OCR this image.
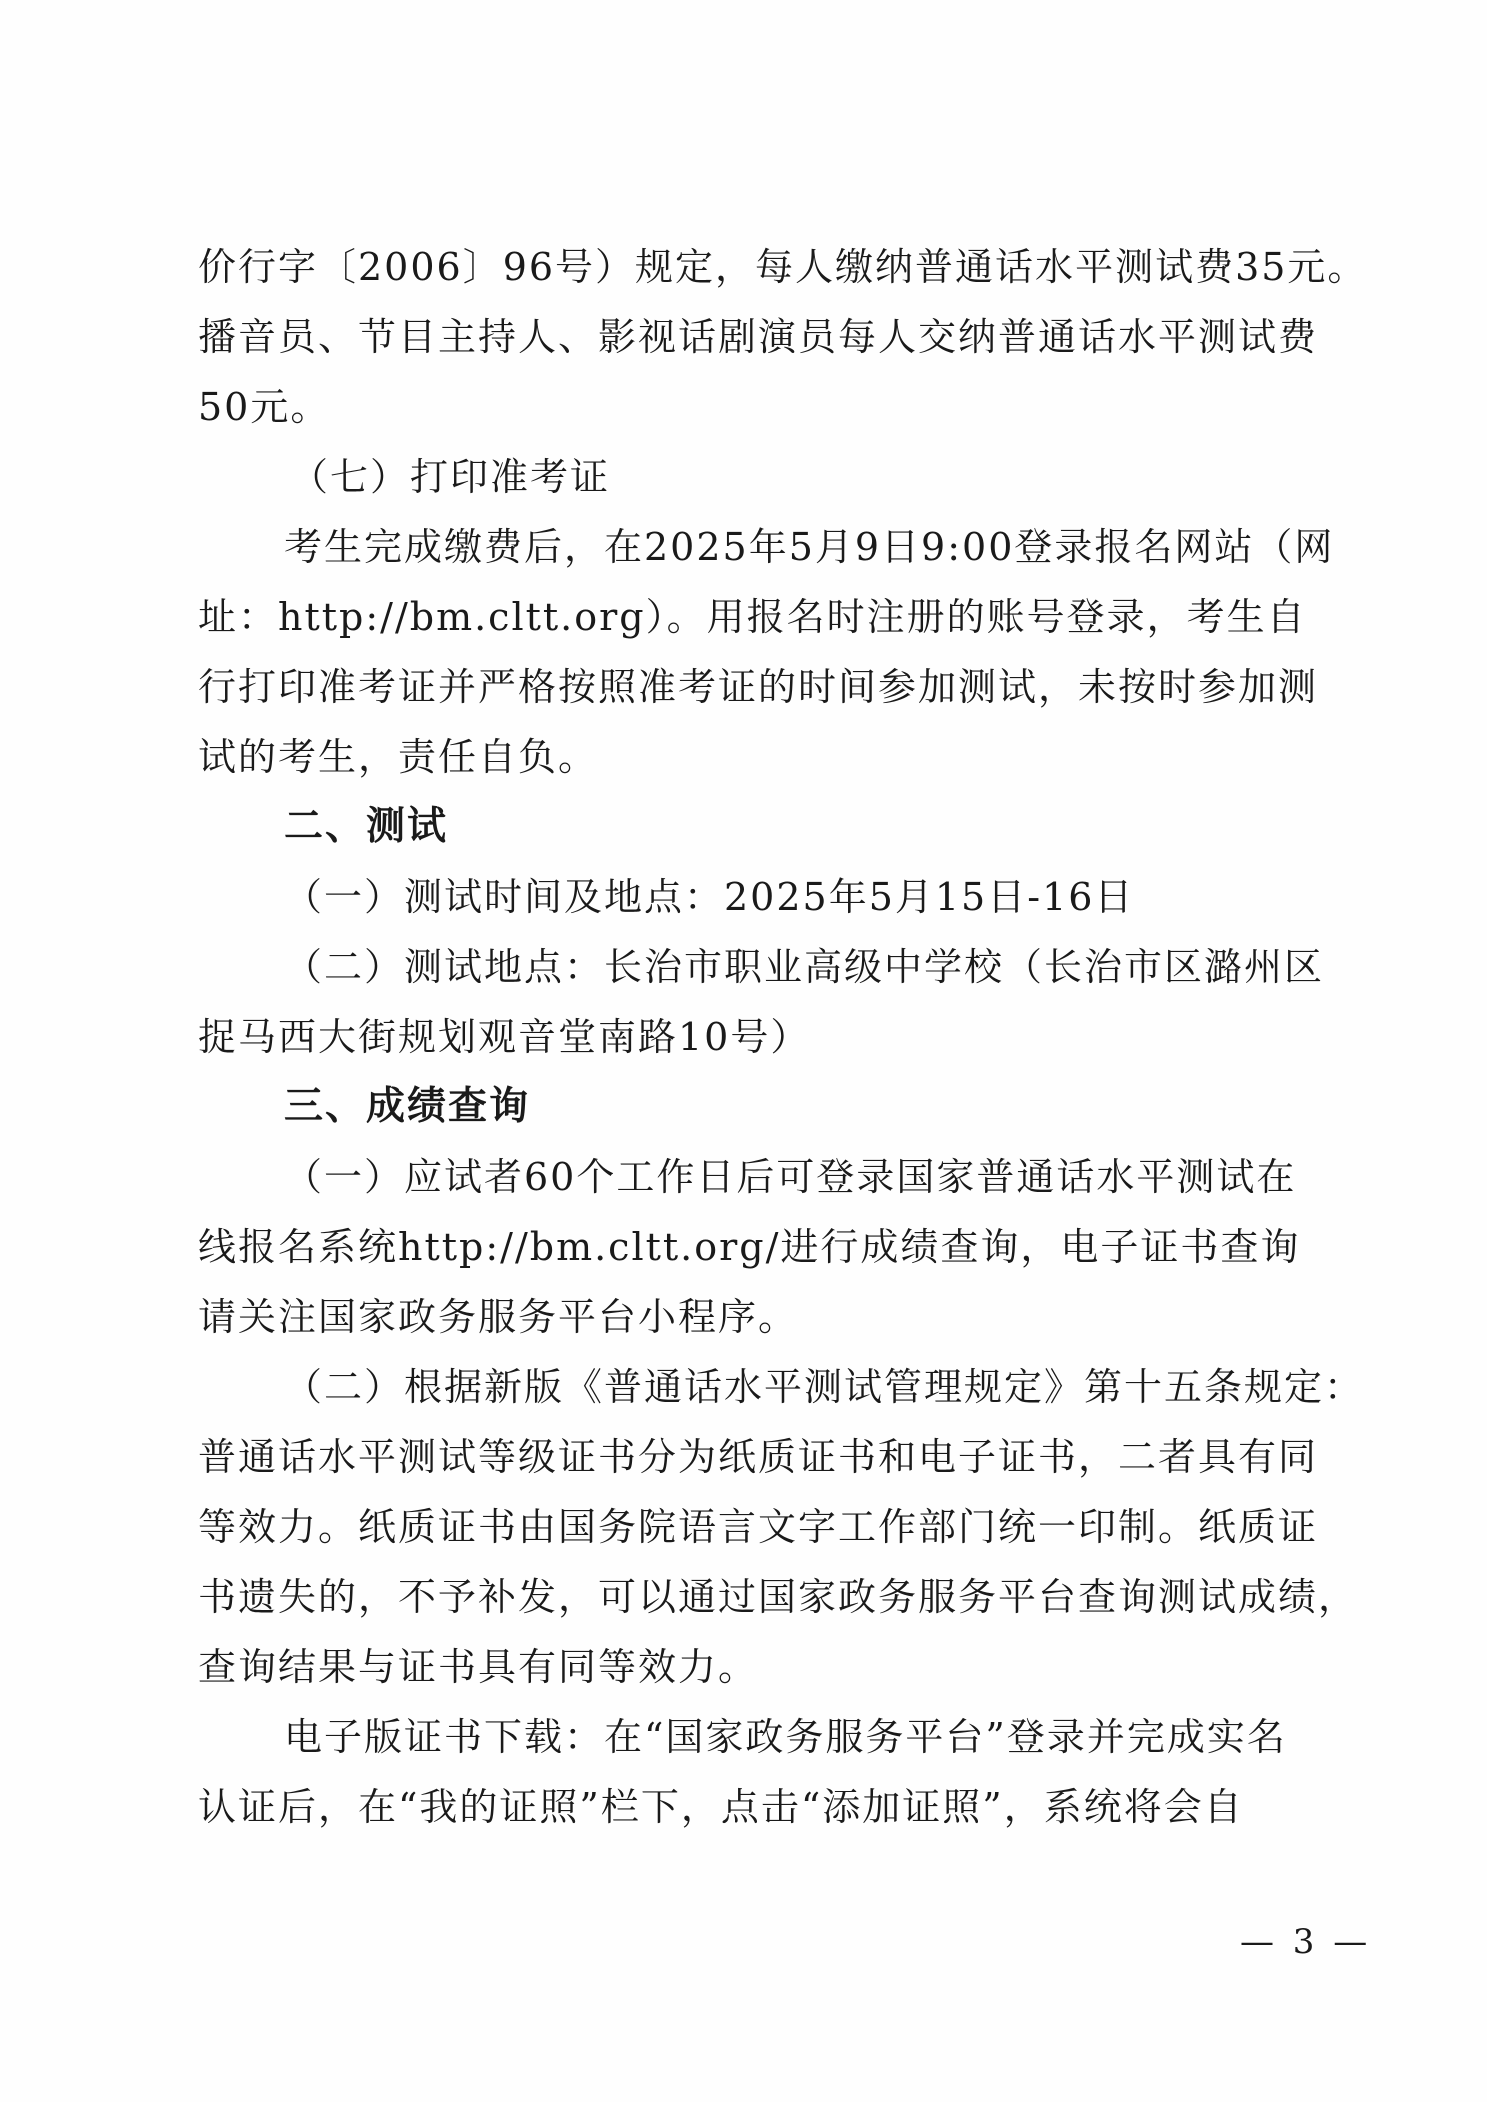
价行字〔2006〕96号）规定，每人缴纳普通话水平测试费35元。
播音员、节目主持人、影视话剧演员每人交纳普通话水平测试费
50元。
（七）打印准考证
考生完成缴费后，在2025年5月9日9:00登录报名网站（网
址：http://bm.cltt.org）。用报名时注册的账号登录，考生自
行打印准考证并严格按照准考证的时间参加测试，未按时参加测
试的考生，责任自负。
二、测试
（一）测试时间及地点：2025年5月15日-16日
（二）测试地点：长治市职业高级中学校（长治市区潞州区
捉马西大街规划观音堂南路10号）
三、成绩查询
（一）应试者60个工作日后可登录国家普通话水平测试在
线报名系统http://bm.cltt.org/进行成绩查询，电子证书查询
请关注国家政务服务平台小程序。
（二）根据新版《普通话水平测试管理规定》第十五条规定：
普通话水平测试等级证书分为纸质证书和电子证书，二者具有同
等效力。纸质证书由国务院语言文字工作部门统一印制。纸质证
书遗失的，不予补发，可以通过国家政务服务平台查询测试成绩，
查询结果与证书具有同等效力。
电子版证书下载：在“国家政务服务平台”登录并完成实名
认证后，在“我的证照”栏下，点击“添加证照”，系统将会自
— 3 —
